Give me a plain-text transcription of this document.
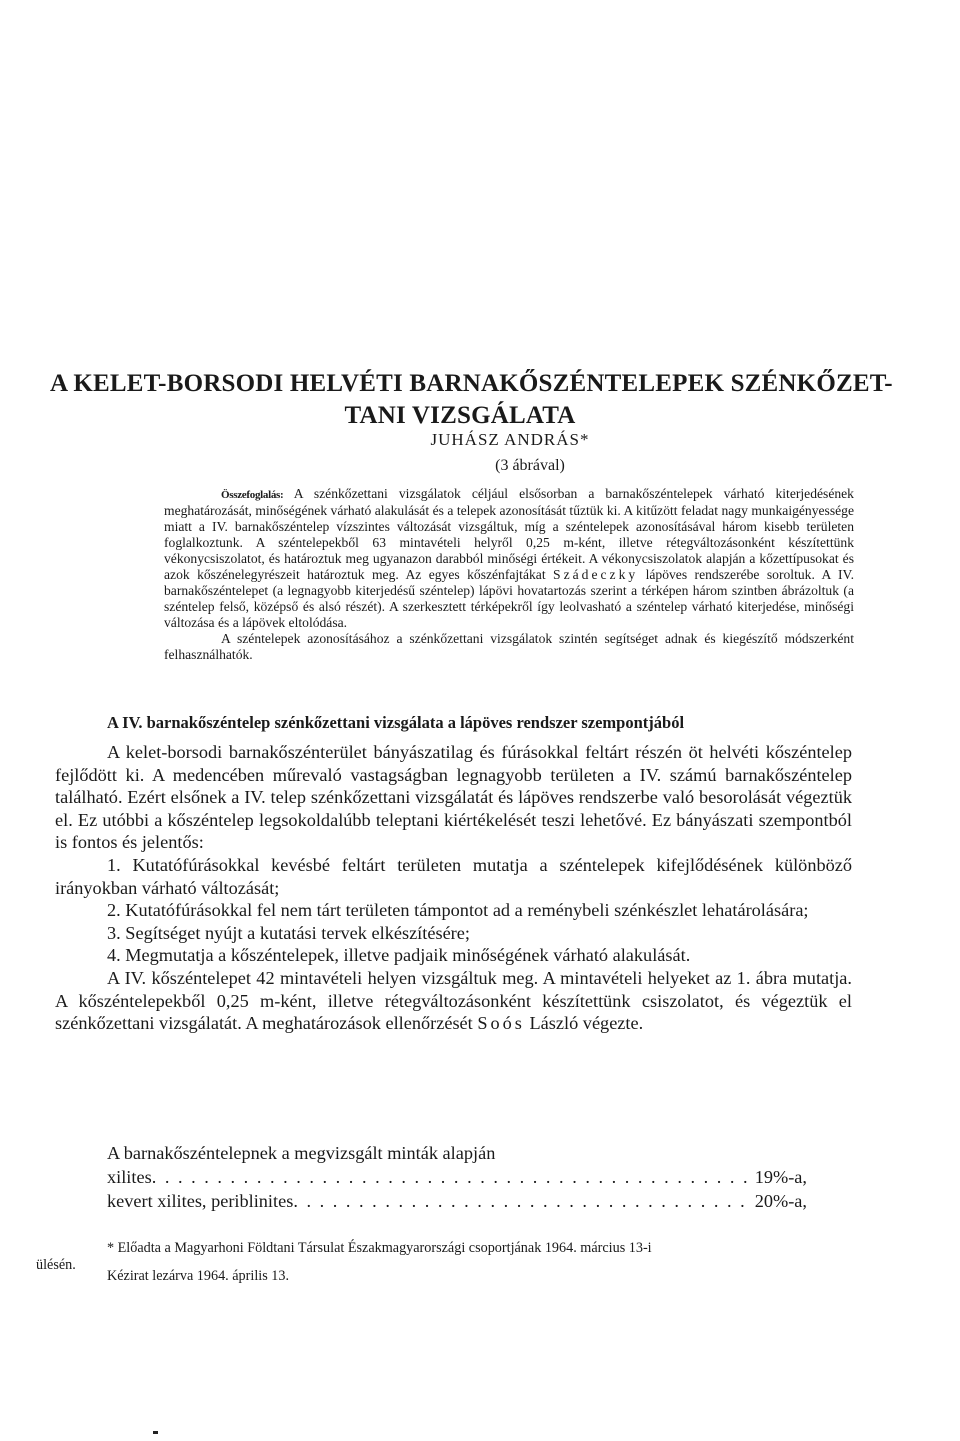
A KELET-BORSODI HELVÉTI BARNAKŐSZÉNTELEPEK SZÉNKŐZET-
TANI VIZSGÁLATA
JUHÁSZ ANDRÁS*
(3 ábrával)

Összefoglalás: A szénkőzettani vizsgálatok céljául elsősorban a barnakőszéntelepek várható kiterjedésének meghatározását, minőségének várható alakulását és a telepek azonosítását tűztük ki. A kitűzött feladat nagy munkaigényessége miatt a IV. barnakőszéntelep vízszintes változását vizsgáltuk, míg a széntelepek azonosításával három kisebb területen foglalkoztunk. A széntelepekből 63 mintavételi helyről 0,25 m-ként, illetve rétegváltozásonként készítettünk vékonycsiszolatot, és határoztuk meg ugyanazon darabból minőségi értékeit. A vékonycsiszolatok alapján a kőzettípusokat és azok kőszénelegyrészeit határoztuk meg. Az egyes kőszénfajtákat Szádeczky lápöves rendszerébe soroltuk. A IV. barnakőszéntelepet (a legnagyobb kiterjedésű széntelep) lápövi hovatartozás szerint a térképen három szintben ábrázoltuk (a széntelep felső, középső és alsó részét). A szerkesztett térképekről így leolvasható a széntelep várható kiterjedése, minőségi változása és a lápövek eltolódása.

A széntelepek azonosításához a szénkőzettani vizsgálatok szintén segítséget adnak és kiegészítő módszerként felhasználhatók.

A IV. barnakőszéntelep szénkőzettani vizsgálata a lápöves rendszer szempontjából

A kelet-borsodi barnakőszénterület bányászatilag és fúrásokkal feltárt részén öt helvéti kőszéntelep fejlődött ki. A medencében műrevaló vastagságban legnagyobb területen a IV. számú barnakőszéntelep található. Ezért elsőnek a IV. telep szénkőzettani vizsgálatát és lápöves rendszerbe való besorolását végeztük el. Ez utóbbi a kőszéntelep legsokoldalúbb teleptani kiértékelését teszi lehetővé. Ez bányászati szempontból is fontos és jelentős:

1. Kutatófúrásokkal kevésbé feltárt területen mutatja a széntelepek kifejlődésének különböző irányokban várható változását;

2. Kutatófúrásokkal fel nem tárt területen támpontot ad a reménybeli szénkészlet lehatárolására;

3. Segítséget nyújt a kutatási tervek elkészítésére;

4. Megmutatja a kőszéntelepek, illetve padjaik minőségének várható alakulását.

A IV. kőszéntelepet 42 mintavételi helyen vizsgáltuk meg. A mintavételi helyeket az 1. ábra mutatja. A kőszéntelepekből 0,25 m-ként, illetve rétegváltozásonként készítettünk csiszolatot, és végeztük el szénkőzettani vizsgálatát. A meghatározások ellenőrzését Soós László végezte.

A barnakőszéntelepnek a megvizsgált minták alapján
xilites . . .	19%-a,
kevert xilites, periblinites . . .	20%-a,

* Előadta a Magyarhoni Földtani Társulat Északmagyarországi csoportjának 1964. március 13-i

Kézirat lezárva 1964. április 13.

ülésén.
